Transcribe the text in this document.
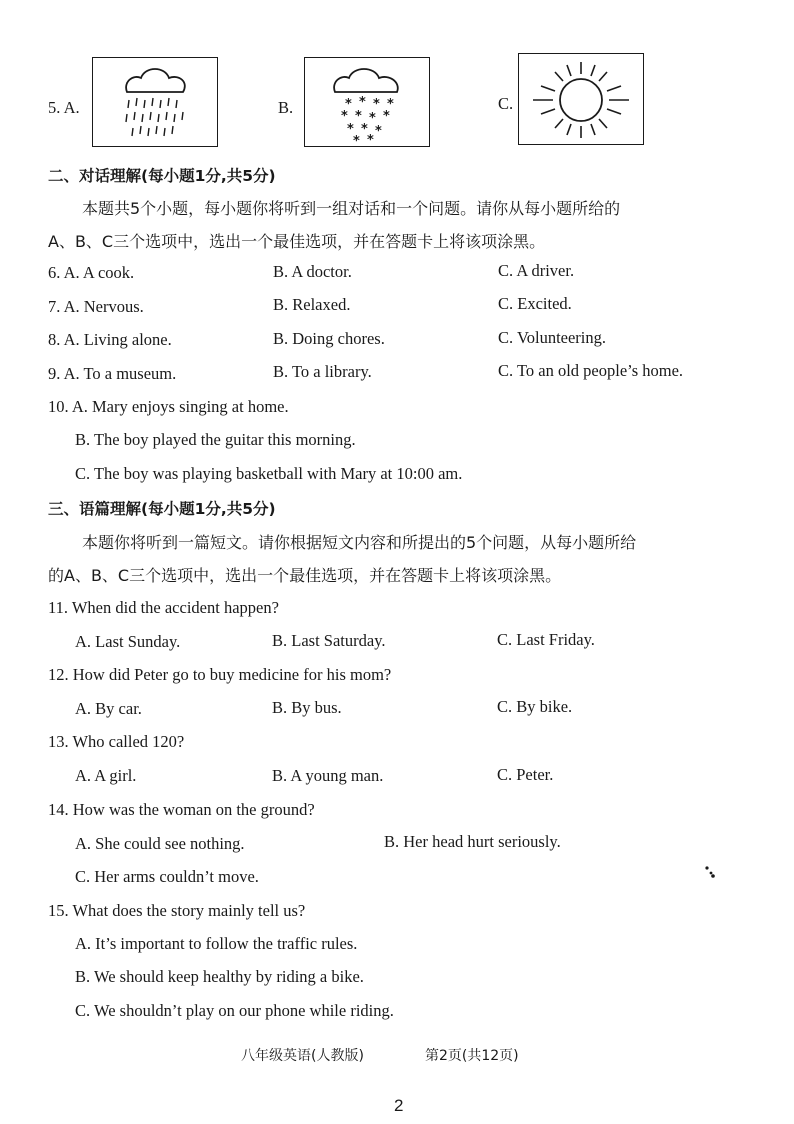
5. A.	B.	* * * *
* * * *
* * *
* *
C.
二、对话理解(每小题1分,共5分)
本题共5个小题，每小题你将听到一组对话和一个问题。请你从每小题所给的
A、B、C三个选项中，选出一个最佳选项，并在答题卡上将该项涂黑。
6. A. A cook.	B. A doctor.	C. A driver.
7. A. Nervous.	B. Relaxed.	C. Excited.
8. A. Living alone.	B. Doing chores.	C. Volunteering.
9. A. To a museum.	B. To a library.	C. To an old people’s home.
10. A. Mary enjoys singing at home.
B. The boy played the guitar this morning.
C. The boy was playing basketball with Mary at 10:00 am.
三、语篇理解(每小题1分,共5分)
本题你将听到一篇短文。请你根据短文内容和所提出的5个问题，从每小题所给
的A、B、C三个选项中，选出一个最佳选项，并在答题卡上将该项涂黑。
11. When did the accident happen?
A. Last Sunday.	B. Last Saturday.	C. Last Friday.
12. How did Peter go to buy medicine for his mom?
A. By car.	B. By bus.	C. By bike.
13. Who called 120?
A. A girl.	B. A young man.	C. Peter.
14. How was the woman on the ground?
A. She could see nothing.	B. Her head hurt seriously.
C. Her arms couldn’t move.
15. What does the story mainly tell us?
A. It’s important to follow the traffic rules.
B. We should keep healthy by riding a bike.
C. We shouldn’t play on our phone while riding.
八年级英语(人教版)	第2页(共12页)
2
